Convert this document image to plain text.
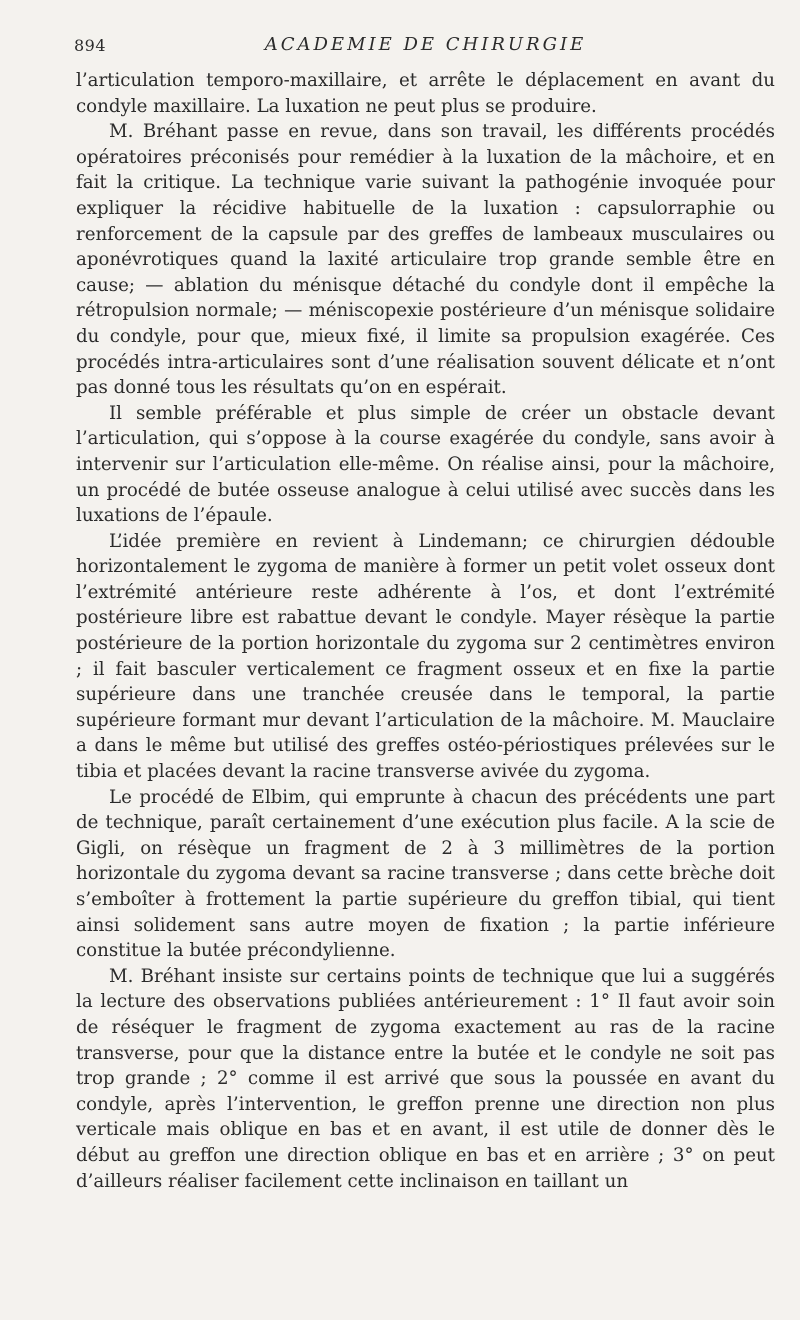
894	ACADEMIE DE CHIRURGIE

l’articulation temporo-maxillaire, et arrête le déplacement en avant du condyle maxillaire. La luxation ne peut plus se produire.

M. Bréhant passe en revue, dans son travail, les différents procédés opératoires préconisés pour remédier à la luxation de la mâchoire, et en fait la critique. La technique varie suivant la pathogénie invoquée pour expliquer la récidive habituelle de la luxation : capsulorraphie ou renforcement de la capsule par des greffes de lambeaux musculaires ou aponévrotiques quand la laxité articulaire trop grande semble être en cause; — ablation du ménisque détaché du condyle dont il empêche la rétropulsion normale; — méniscopexie postérieure d’un ménisque solidaire du condyle, pour que, mieux fixé, il limite sa propulsion exagérée. Ces procédés intra-articulaires sont d’une réalisation souvent délicate et n’ont pas donné tous les résultats qu’on en espérait.

Il semble préférable et plus simple de créer un obstacle devant l’articulation, qui s’oppose à la course exagérée du condyle, sans avoir à intervenir sur l’articulation elle-même. On réalise ainsi, pour la mâchoire, un procédé de butée osseuse analogue à celui utilisé avec succès dans les luxations de l’épaule.

L’idée première en revient à Lindemann; ce chirurgien dédouble horizontalement le zygoma de manière à former un petit volet osseux dont l’extrémité antérieure reste adhérente à l’os, et dont l’extrémité postérieure libre est rabattue devant le condyle. Mayer résèque la partie postérieure de la portion horizontale du zygoma sur 2 centimètres environ ; il fait basculer verticalement ce fragment osseux et en fixe la partie supérieure dans une tranchée creusée dans le temporal, la partie supérieure formant mur devant l’articulation de la mâchoire. M. Mauclaire a dans le même but utilisé des greffes ostéo-périostiques prélevées sur le tibia et placées devant la racine transverse avivée du zygoma.

Le procédé de Elbim, qui emprunte à chacun des précédents une part de technique, paraît certainement d’une exécution plus facile. A la scie de Gigli, on résèque un fragment de 2 à 3 millimètres de la portion horizontale du zygoma devant sa racine transverse ; dans cette brèche doit s’emboîter à frottement la partie supérieure du greffon tibial, qui tient ainsi solidement sans autre moyen de fixation ; la partie inférieure constitue la butée précondylienne.

M. Bréhant insiste sur certains points de technique que lui a suggérés la lecture des observations publiées antérieurement : 1° Il faut avoir soin de réséquer le fragment de zygoma exactement au ras de la racine transverse, pour que la distance entre la butée et le condyle ne soit pas trop grande ; 2° comme il est arrivé que sous la poussée en avant du condyle, après l’intervention, le greffon prenne une direction non plus verticale mais oblique en bas et en avant, il est utile de donner dès le début au greffon une direction oblique en bas et en arrière ; 3° on peut d’ailleurs réaliser facilement cette inclinaison en taillant un
